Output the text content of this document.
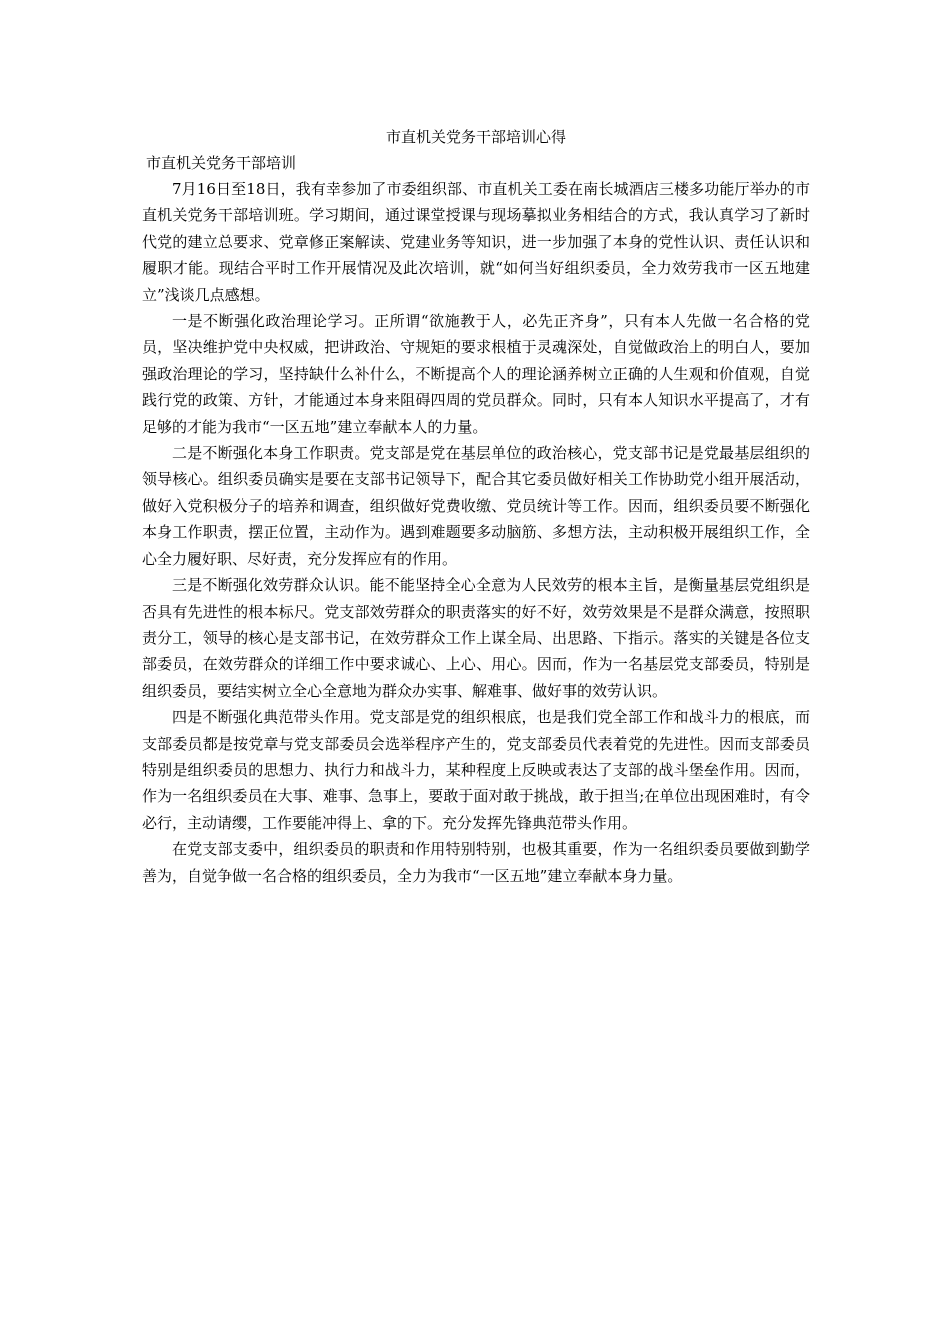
市直机关党务干部培训心得

市直机关党务干部培训

7月16日至18日，我有幸参加了市委组织部、市直机关工委在南长城酒店三楼多功能厅举办的市直机关党务干部培训班。学习期间，通过课堂授课与现场摹拟业务相结合的方式，我认真学习了新时代党的建立总要求、党章修正案解读、党建业务等知识，进一步加强了本身的党性认识、责任认识和履职才能。现结合平时工作开展情况及此次培训，就“如何当好组织委员，全力效劳我市一区五地建立”浅谈几点感想。

一是不断强化政治理论学习。正所谓“欲施教于人，必先正齐身”，只有本人先做一名合格的党员，坚决维护党中央权威，把讲政治、守规矩的要求根植于灵魂深处，自觉做政治上的明白人，要加强政治理论的学习，坚持缺什么补什么，不断提高个人的理论涵养树立正确的人生观和价值观，自觉践行党的政策、方针，才能通过本身来阻碍四周的党员群众。同时，只有本人知识水平提高了，才有足够的才能为我市“一区五地”建立奉献本人的力量。

二是不断强化本身工作职责。党支部是党在基层单位的政治核心，党支部书记是党最基层组织的领导核心。组织委员确实是要在支部书记领导下，配合其它委员做好相关工作协助党小组开展活动，做好入党积极分子的培养和调查，组织做好党费收缴、党员统计等工作。因而，组织委员要不断强化本身工作职责，摆正位置，主动作为。遇到难题要多动脑筋、多想方法，主动积极开展组织工作，全心全力履好职、尽好责，充分发挥应有的作用。

三是不断强化效劳群众认识。能不能坚持全心全意为人民效劳的根本主旨，是衡量基层党组织是否具有先进性的根本标尺。党支部效劳群众的职责落实的好不好，效劳效果是不是群众满意，按照职责分工，领导的核心是支部书记，在效劳群众工作上谋全局、出思路、下指示。落实的关键是各位支部委员，在效劳群众的详细工作中要求诚心、上心、用心。因而，作为一名基层党支部委员，特别是组织委员，要结实树立全心全意地为群众办实事、解难事、做好事的效劳认识。

四是不断强化典范带头作用。党支部是党的组织根底，也是我们党全部工作和战斗力的根底，而支部委员都是按党章与党支部委员会选举程序产生的，党支部委员代表着党的先进性。因而支部委员特别是组织委员的思想力、执行力和战斗力，某种程度上反映或表达了支部的战斗堡垒作用。因而，作为一名组织委员在大事、难事、急事上，要敢于面对敢于挑战，敢于担当;在单位出现困难时，有令必行，主动请缨，工作要能冲得上、拿的下。充分发挥先锋典范带头作用。

在党支部支委中，组织委员的职责和作用特别特别，也极其重要，作为一名组织委员要做到勤学善为，自觉争做一名合格的组织委员，全力为我市“一区五地”建立奉献本身力量。
